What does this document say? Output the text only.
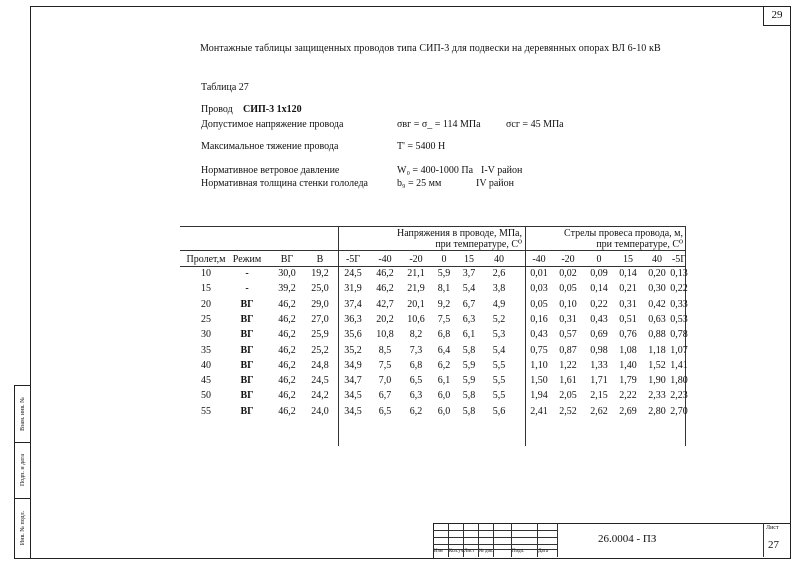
29
Взам. инв. №
Подп. и дата
Инв. № подл.
Монтажные таблицы защищенных проводов типа СИП-3 для подвески на деревянных опорах ВЛ 6-10 кВ
Таблица 27
Провод СИП-3 1х120
Допустимое напряжение провода	σвг = σ_ = 114 МПа	σсг = 45 МПа
Максимальное тяжение провода	T' = 5400 Н
Нормативное ветровое давление	W₀ = 400-1000 Па I-V район
Нормативная толщина стенки гололеда	b₉ = 25 мм	IV район
Напряжения в проводе, МПа,
при температуре, С⁰
Стрелы провеса провода, м,
при температуре, С⁰
Пролет,м Режим	ВГ	В	-5Г	-40	-20	0	15	40	-40	-20	0	15	40 -5Г
10	-	30,0	19,2	24,5	46,2	21,1	5,9	3,7	2,6	0,01	0,02	0,09	0,14	0,20 0,13
15	-	39,2	25,0	31,9	46,2	21,9	8,1	5,4	3,8	0,03	0,05	0,14	0,21	0,30 0,22
20	ВГ	46,2	29,0	37,4	42,7	20,1	9,2	6,7	4,9	0,05	0,10	0,22	0,31	0,42 0,33
25	ВГ	46,2	27,0	36,3	20,2	10,6	7,5	6,3	5,2	0,16	0,31	0,43	0,51	0,63 0,53
30	ВГ	46,2	25,9	35,6	10,8	8,2	6,8	6,1	5,3	0,43	0,57	0,69	0,76	0,88 0,78
35	ВГ	46,2	25,2	35,2	8,5	7,3	6,4	5,8	5,4	0,75	0,87	0,98	1,08	1,18 1,07
40	ВГ	46,2	24,8	34,9	7,5	6,8	6,2	5,9	5,5	1,10	1,22	1,33	1,40	1,52 1,41
45	ВГ	46,2	24,5	34,7	7,0	6,5	6,1	5,9	5,5	1,50	1,61	1,71	1,79	1,90 1,80
50	ВГ	46,2	24,2	34,5	6,7	6,3	6,0	5,8	5,5	1,94	2,05	2,15	2,22	2,33 2,23
55	ВГ	46,2	24,0	34,5	6,5	6,2	6,0	5,8	5,6	2,41	2,52	2,62	2,69	2,80 2,70
Изм Кол.уч Лист № док.	Подп.	Дата
26.0004 - ПЗ
Лист
27
